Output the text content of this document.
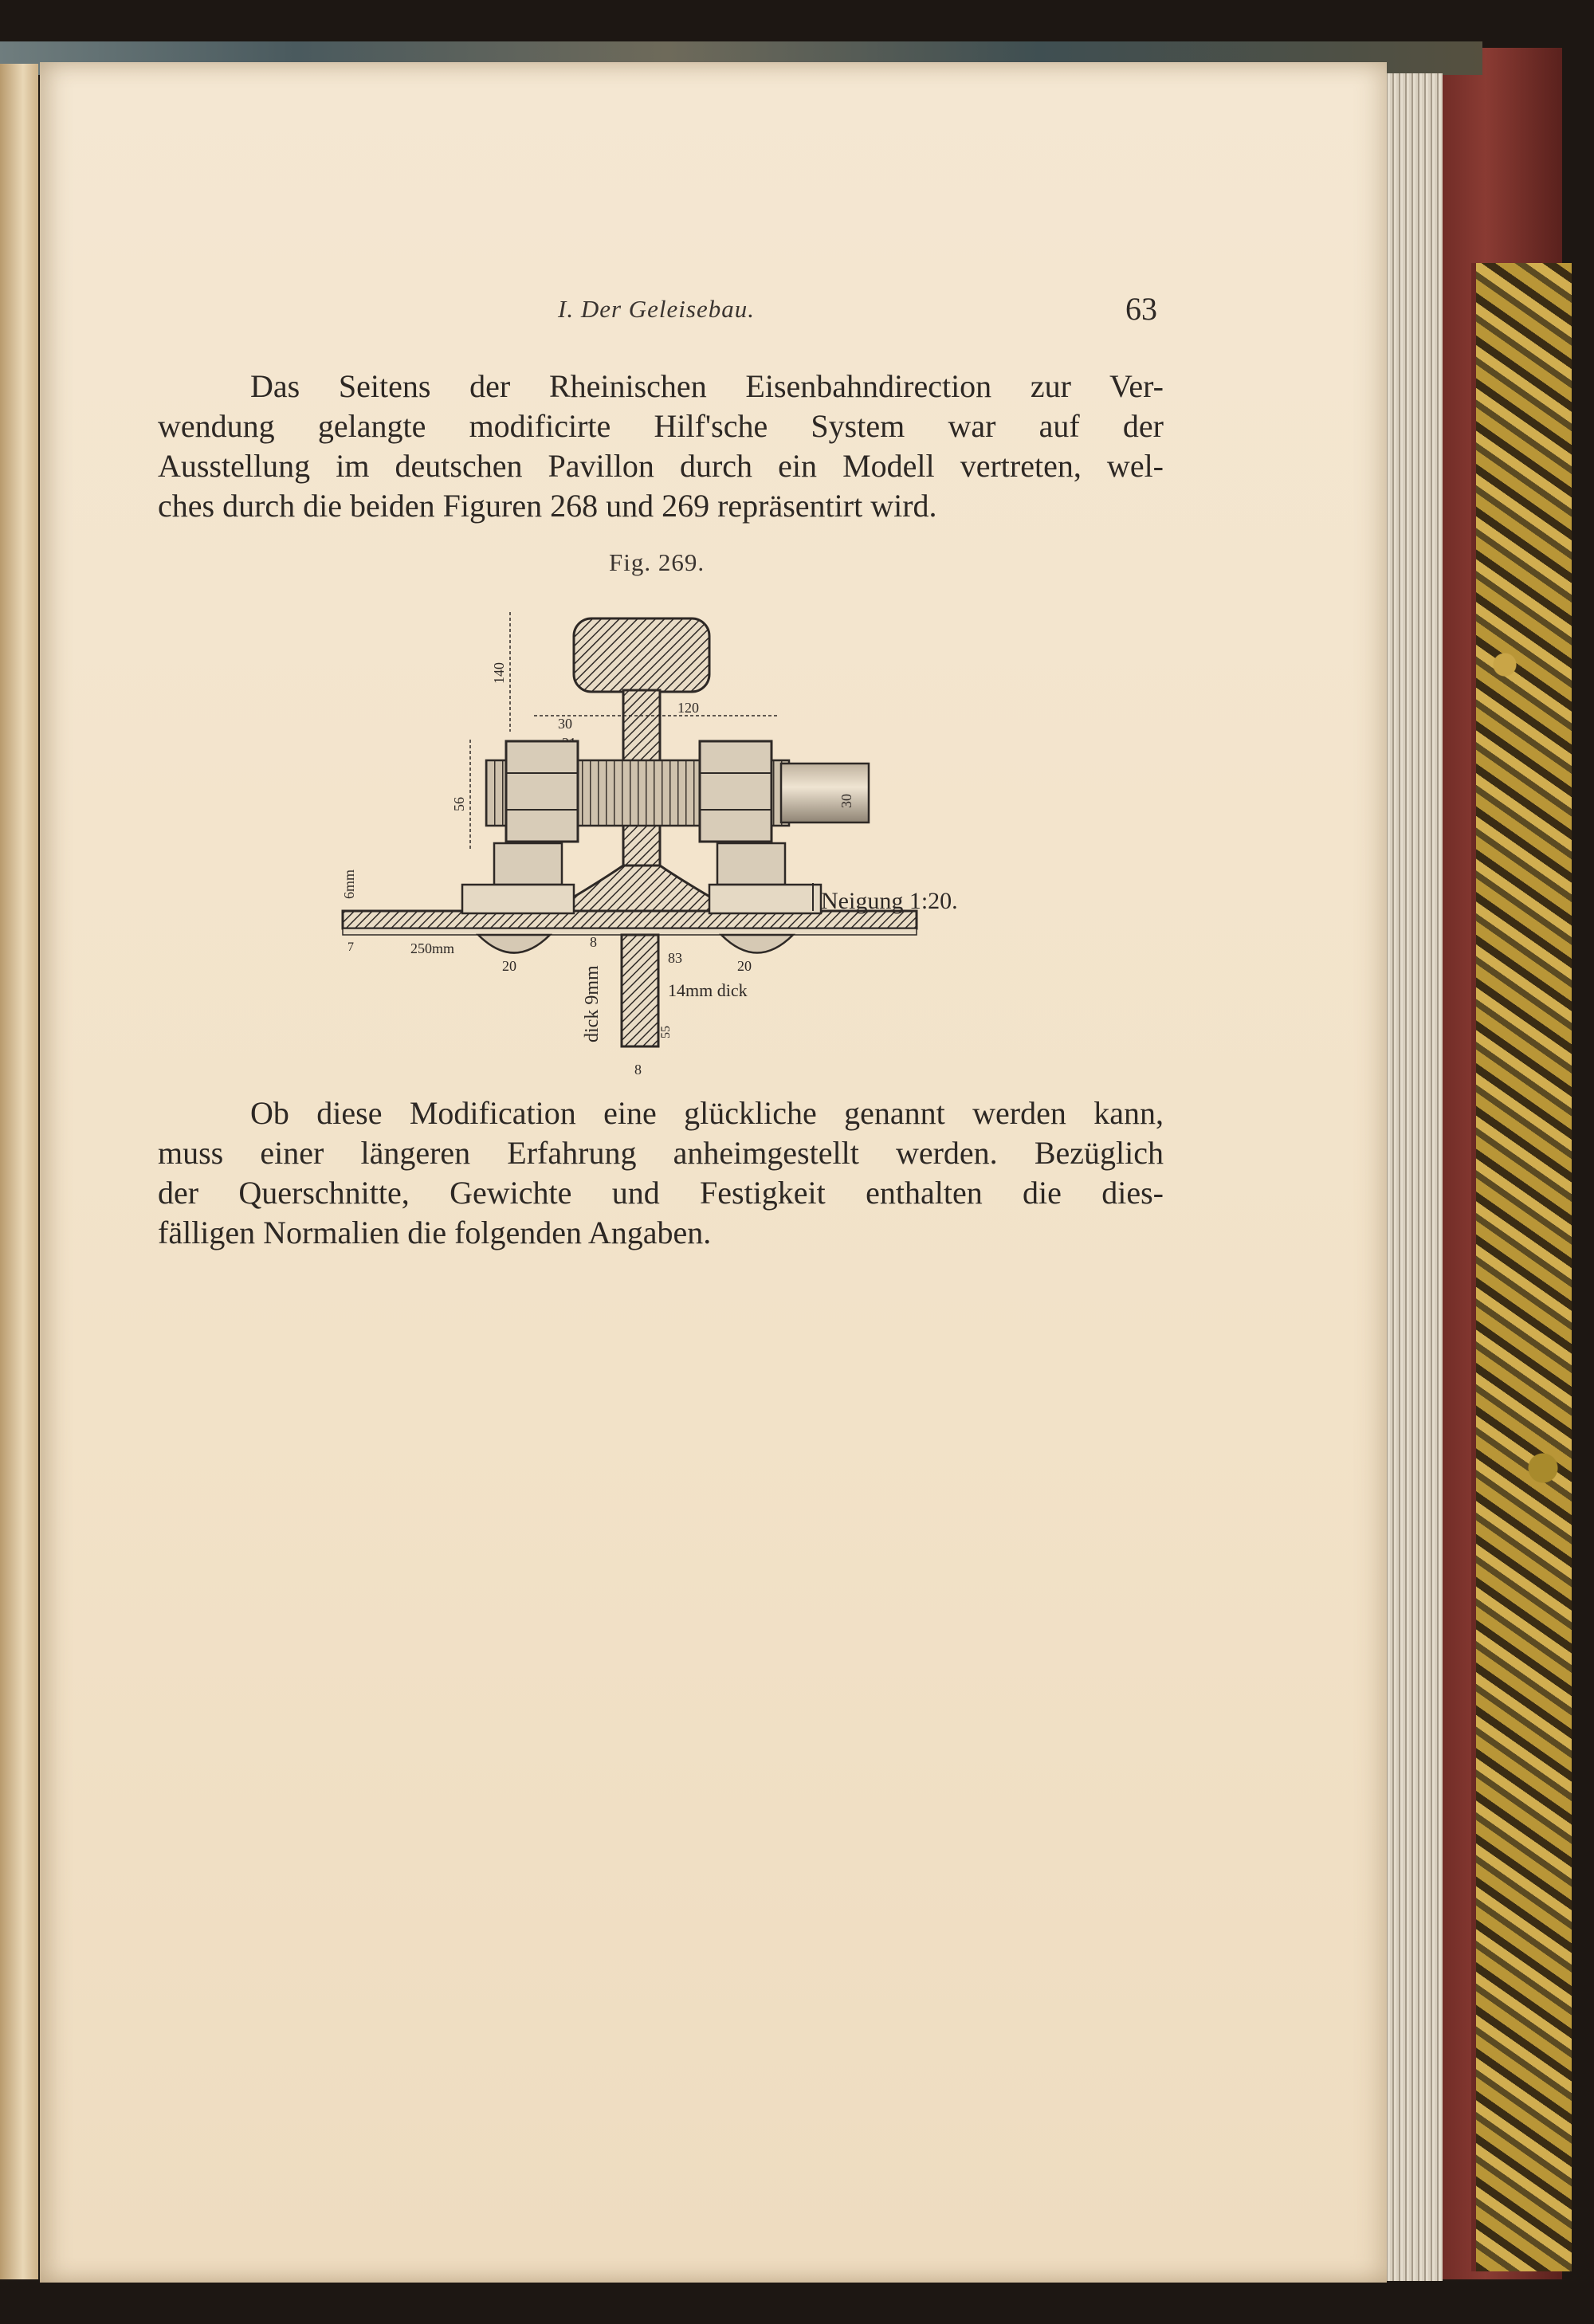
I. Der Geleisebau.	63
Das Seitens der Rheinischen Eisenbahndirection zur Ver-
wendung gelangte modificirte Hilf'sche System war auf der
Ausstellung im deutschen Pavillon durch ein Modell vertreten, wel-
ches durch die beiden Figuren 268 und 269 repräsentirt wird.
Fig. 269.
140
120
30
56	30
6mm
7	250mm
20	20
8
83
14mm dick
dick 9mm	55
8
Neigung 1:20.
Ob diese Modification eine glückliche genannt werden kann,
muss einer längeren Erfahrung anheimgestellt werden. Bezüglich
der Querschnitte, Gewichte und Festigkeit enthalten die dies-
fälligen Normalien die folgenden Angaben.
